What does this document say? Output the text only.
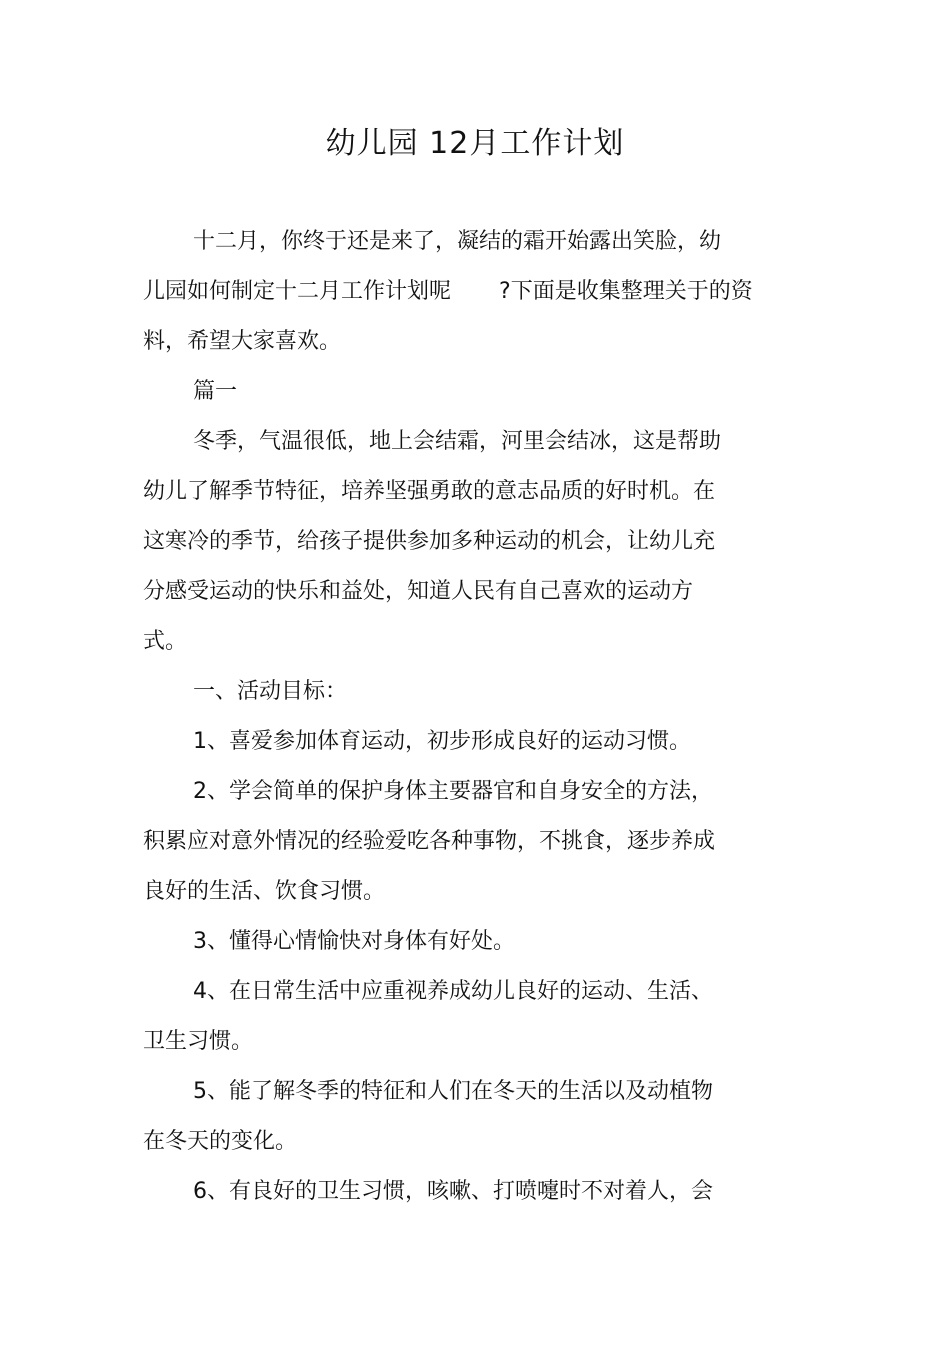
幼儿园 12月工作计划
十二月，你终于还是来了，凝结的霜开始露出笑脸，幼
儿园如何制定十二月工作计划呢 ?下面是收集整理关于的资
料，希望大家喜欢。
篇一
冬季，气温很低，地上会结霜，河里会结冰，这是帮助
幼儿了解季节特征，培养坚强勇敢的意志品质的好时机。在
这寒冷的季节，给孩子提供参加多种运动的机会，让幼儿充
分感受运动的快乐和益处，知道人民有自己喜欢的运动方
式。
一、活动目标：
1、喜爱参加体育运动，初步形成良好的运动习惯。
2、学会简单的保护身体主要器官和自身安全的方法，
积累应对意外情况的经验爱吃各种事物，不挑食，逐步养成
良好的生活、饮食习惯。
3、懂得心情愉快对身体有好处。
4、在日常生活中应重视养成幼儿良好的运动、生活、
卫生习惯。
5、能了解冬季的特征和人们在冬天的生活以及动植物
在冬天的变化。
6、有良好的卫生习惯，咳嗽、打喷嚏时不对着人，会
